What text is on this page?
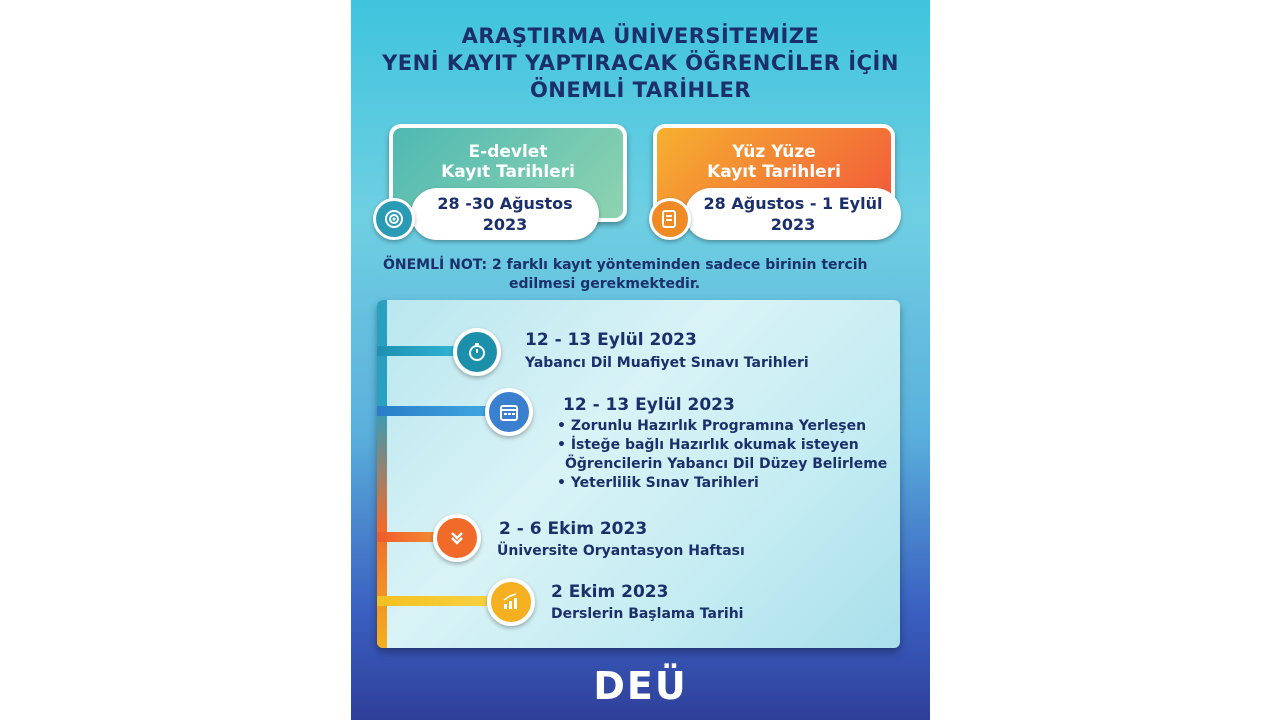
ARAŞTIRMA ÜNİVERSİTEMİZE
YENİ KAYIT YAPTIRACAK ÖĞRENCİLER İÇİN
ÖNEMLİ TARİHLER
E-devlet
Kayıt Tarihleri
28 -30 Ağustos
2023
Yüz Yüze
Kayıt Tarihleri
28 Ağustos - 1 Eylül
2023
ÖNEMLİ NOT: 2 farklı kayıt yönteminden sadece birinin tercih
edilmesi gerekmektedir.
12 - 13 Eylül 2023
Yabancı Dil Muafiyet Sınavı Tarihleri
12 - 13 Eylül 2023
• Zorunlu Hazırlık Programına Yerleşen
• İsteğe bağlı Hazırlık okumak isteyen
Öğrencilerin Yabancı Dil Düzey Belirleme
• Yeterlilik Sınav Tarihleri
2 - 6 Ekim 2023
Üniversite Oryantasyon Haftası
2 Ekim 2023
Derslerin Başlama Tarihi
DEÜ
